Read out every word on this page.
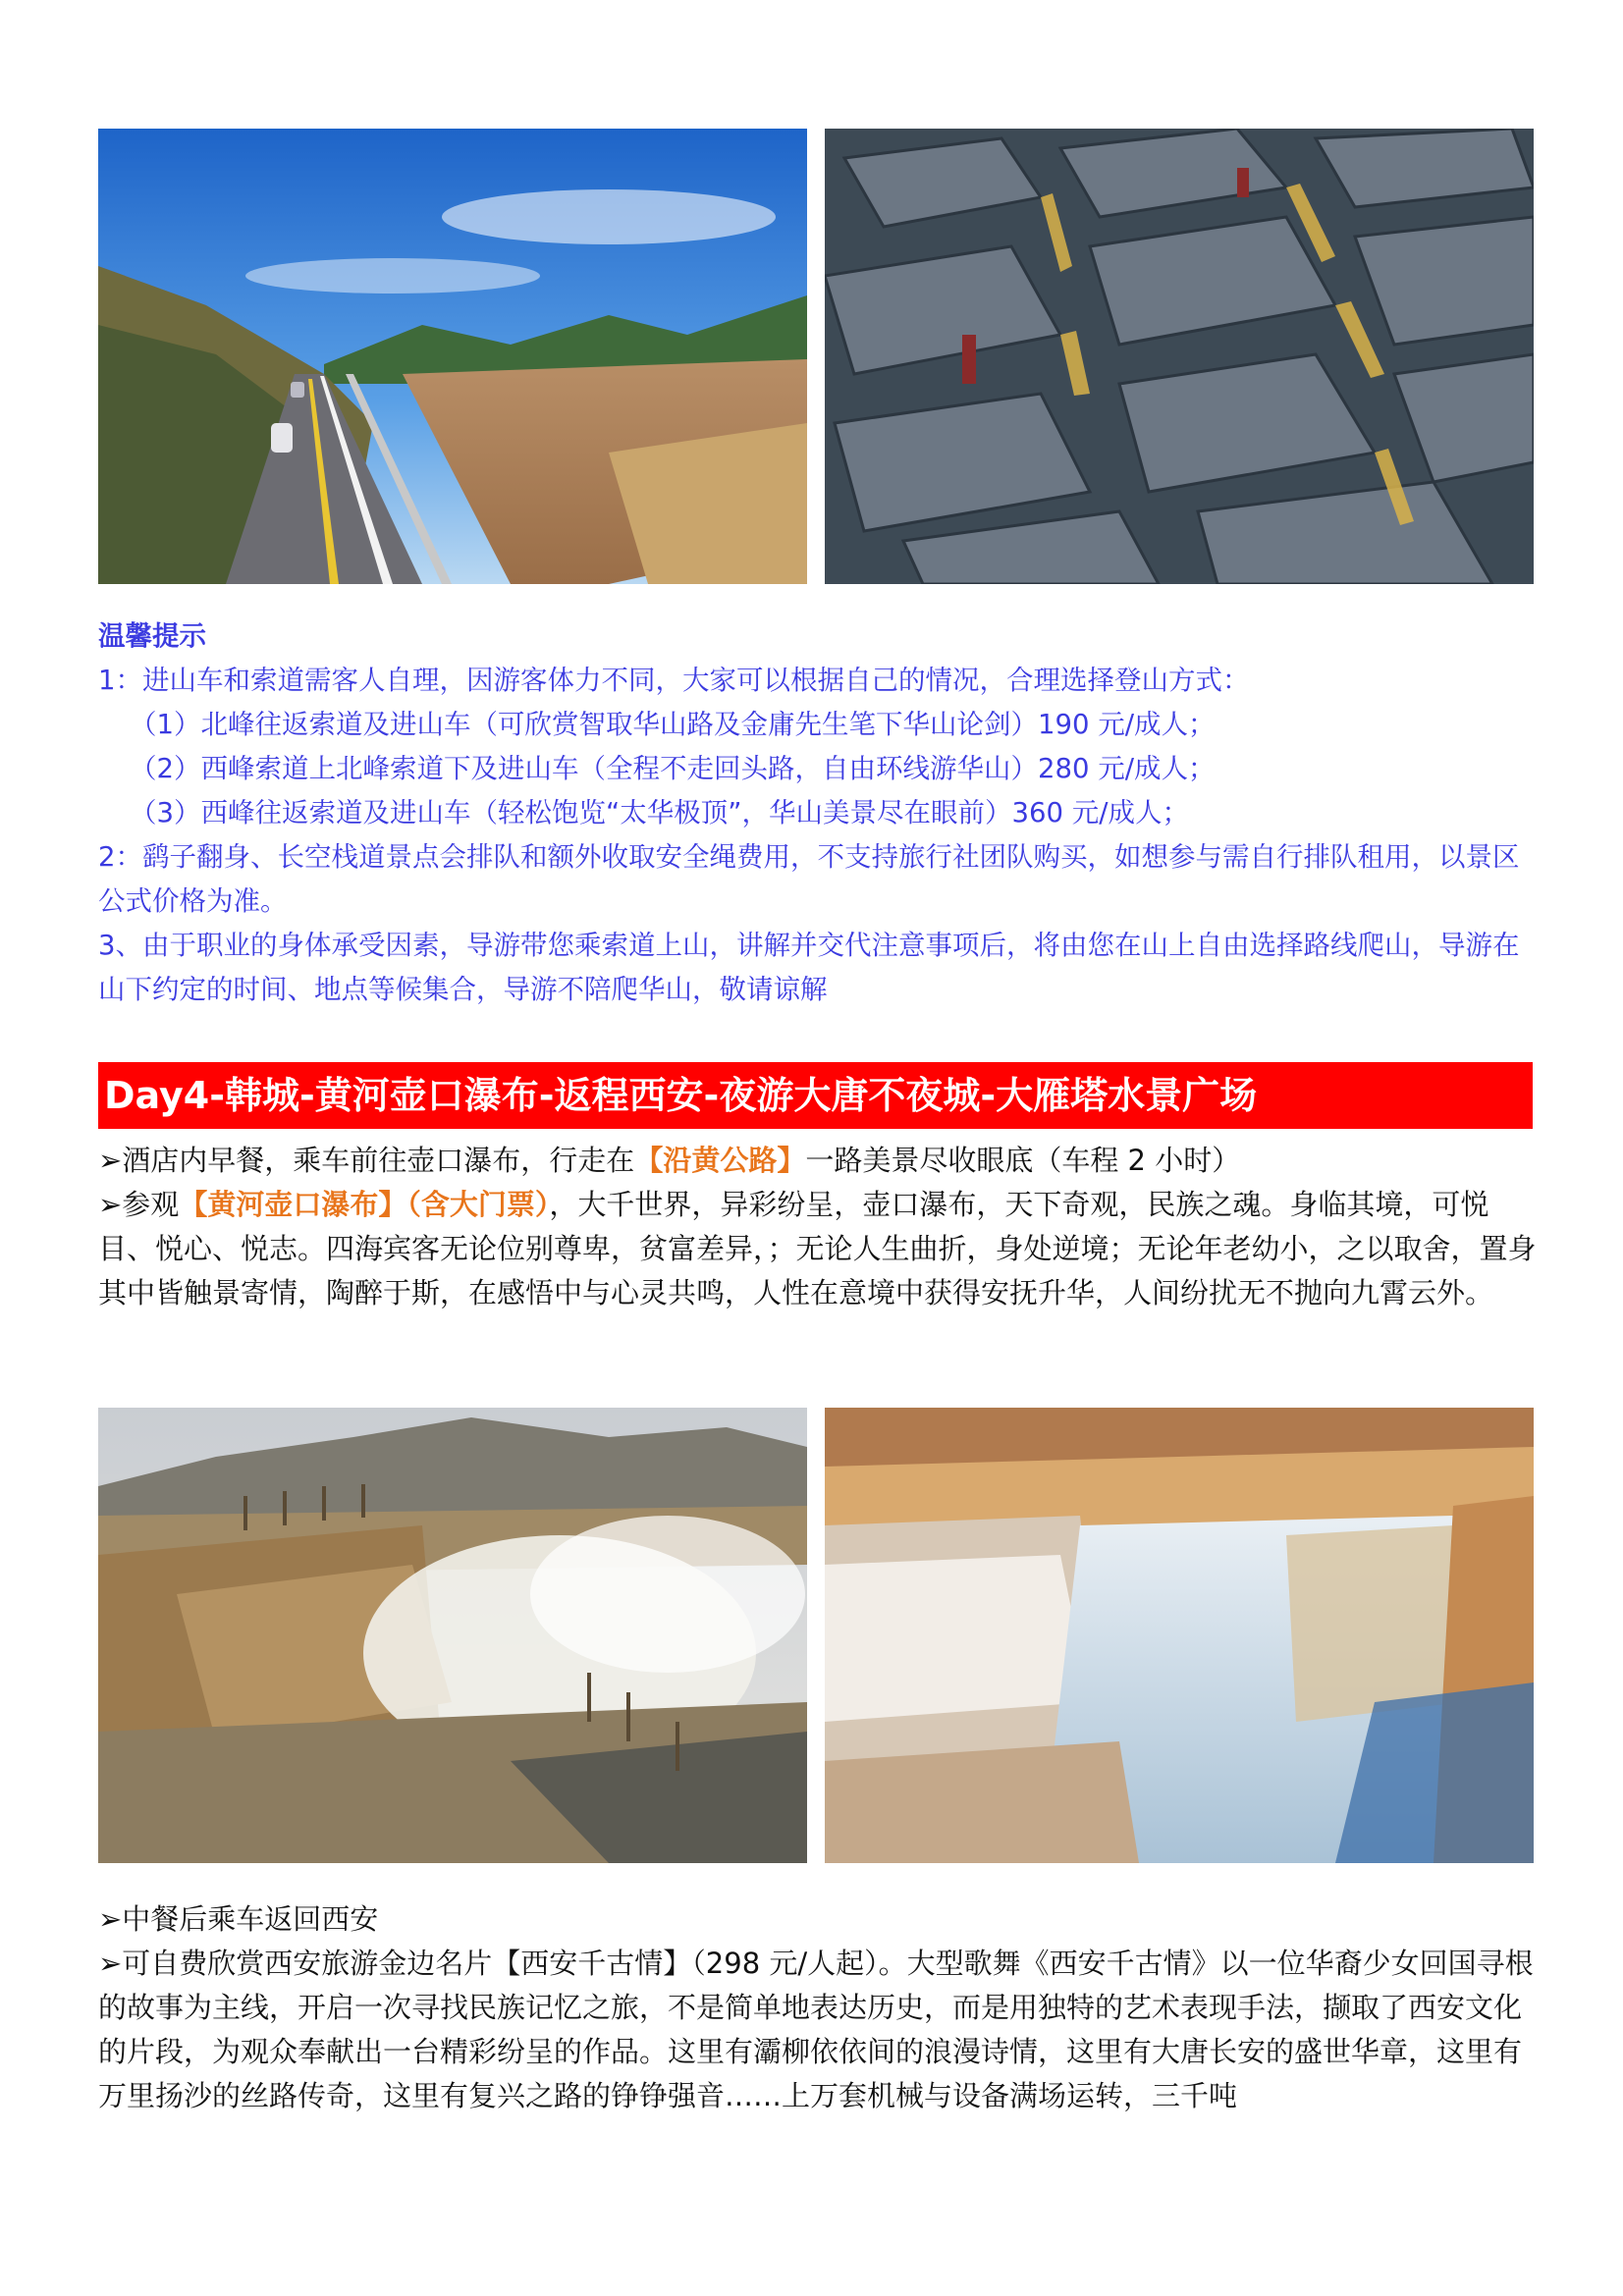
温馨提示
1：进山车和索道需客人自理，因游客体力不同，大家可以根据自己的情况，合理选择登山方式：
（1）北峰往返索道及进山车（可欣赏智取华山路及金庸先生笔下华山论剑）190 元/成人；
（2）西峰索道上北峰索道下及进山车（全程不走回头路，自由环线游华山）280 元/成人；
（3）西峰往返索道及进山车（轻松饱览“太华极顶”，华山美景尽在眼前）360 元/成人；
2：鹞子翻身、长空栈道景点会排队和额外收取安全绳费用，不支持旅行社团队购买，如想参与需自行排队租用，以景区公式价格为准。
3、由于职业的身体承受因素，导游带您乘索道上山，讲解并交代注意事项后，将由您在山上自由选择路线爬山，导游在山下约定的时间、地点等候集合，导游不陪爬华山，敬请谅解
Day4-韩城-黄河壶口瀑布-返程西安-夜游大唐不夜城-大雁塔水景广场

➢酒店内早餐，乘车前往壶口瀑布，行走在【沿黄公路】一路美景尽收眼底（车程 2 小时）

➢参观【黄河壶口瀑布】（含大门票），大千世界，异彩纷呈，壶口瀑布，天下奇观，民族之魂。身临其境，可悦目、悦心、悦志。四海宾客无论位别尊卑，贫富差异，；无论人生曲折，身处逆境；无论年老幼小，之以取舍，置身其中皆触景寄情，陶醉于斯，在感悟中与心灵共鸣，人性在意境中获得安抚升华，人间纷扰无不抛向九霄云外。

➢中餐后乘车返回西安

➢可自费欣赏西安旅游金边名片【西安千古情】（298 元/人起）。大型歌舞《西安千古情》以一位华裔少女回国寻根的故事为主线，开启一次寻找民族记忆之旅，不是简单地表达历史，而是用独特的艺术表现手法，撷取了西安文化的片段，为观众奉献出一台精彩纷呈的作品。这里有灞柳依依间的浪漫诗情，这里有大唐长安的盛世华章，这里有万里扬沙的丝路传奇，这里有复兴之路的铮铮强音……上万套机械与设备满场运转，三千吨
